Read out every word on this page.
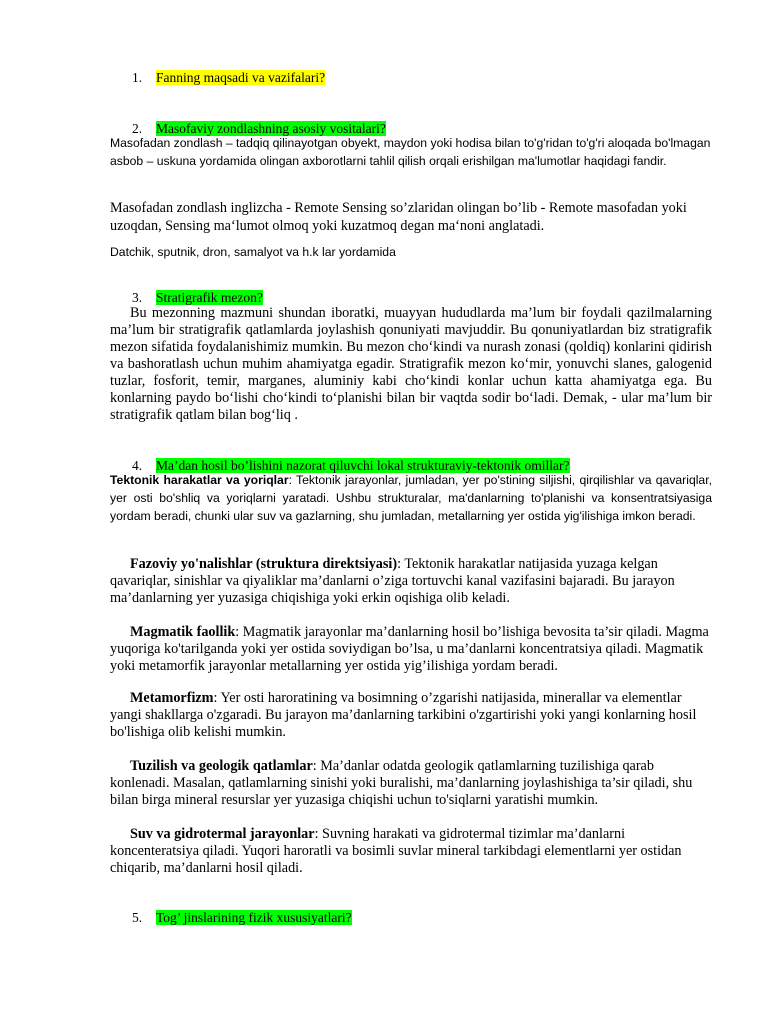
1. Fanning maqsadi va vazifalari?
2. Masofaviy zondlashning asosiy vositalari?
Masofadan zondlash – tadqiq qilinayotgan obyekt, maydon yoki hodisa bilan to'g'ridan to'g'ri aloqada bo'lmagan asbob – uskuna yordamida olingan axborotlarni tahlil qilish orqali erishilgan ma'lumotlar haqidagi fandir.
Masofadan zondlash inglizcha - Remote Sensing so’zlaridan olingan bo’lib - Remote masofadan yoki uzoqdan, Sensing ma‘lumot olmoq yoki kuzatmoq degan ma‘noni anglatadi.
Datchik, sputnik, dron, samalyot va h.k lar yordamida
3. Stratigrafik mezon?
Bu mezonning mazmuni shundan iboratki, muayyan hududlarda ma’lum bir foydali qazilmalarning ma’lum bir stratigrafik qatlamlarda joylashish qonuniyati mavjuddir. Bu qonuniyatlardan biz stratigrafik mezon sifatida foydalanishimiz mumkin. Bu mezon cho‘kindi va nurash zonasi (qoldiq) konlarini qidirish va bashoratlash uchun muhim ahamiyatga egadir. Stratigrafik mezon ko‘mir, yonuvchi slanes, galogenid tuzlar, fosforit, temir, marganes, aluminiy kabi cho‘kindi konlar uchun katta ahamiyatga ega. Bu konlarning paydo bo‘lishi cho‘kindi to‘planishi bilan bir vaqtda sodir bo‘ladi. Demak, - ular ma’lum bir stratigrafik qatlam bilan bog‘liq .
4. Ma’dan hosil bo’lishini nazorat qiluvchi lokal strukturaviy-tektonik omillar?
Tektonik harakatlar va yoriqlar: Tektonik jarayonlar, jumladan, yer po'stining siljishi, qirqilishlar va qavariqlar, yer osti bo'shliq va yoriqlarni yaratadi. Ushbu strukturalar, ma'danlarning to'planishi va konsentratsiyasiga yordam beradi, chunki ular suv va gazlarning, shu jumladan, metallarning yer ostida yig'ilishiga imkon beradi.
Fazoviy yo'nalishlar (struktura direktsiyasi): Tektonik harakatlar natijasida yuzaga kelgan qavariqlar, sinishlar va qiyaliklar ma’danlarni o’ziga tortuvchi kanal vazifasini bajaradi. Bu jarayon ma’danlarning yer yuzasiga chiqishiga yoki erkin oqishiga olib keladi.
Magmatik faollik: Magmatik jarayonlar ma’danlarning hosil bo’lishiga bevosita ta’sir qiladi. Magma yuqoriga ko'tarilganda yoki yer ostida soviydigan bo’lsa, u ma’danlarni koncentratsiya qiladi. Magmatik yoki metamorfik jarayonlar metallarning yer ostida yig’ilishiga yordam beradi.
Metamorfizm: Yer osti haroratining va bosimning o’zgarishi natijasida, minerallar va elementlar yangi shakllarga o'zgaradi. Bu jarayon ma’danlarning tarkibini o'zgartirishi yoki yangi konlarning hosil bo'lishiga olib kelishi mumkin.
Tuzilish va geologik qatlamlar: Ma’danlar odatda geologik qatlamlarning tuzilishiga qarab konlenadi. Masalan, qatlamlarning sinishi yoki buralishi, ma’danlarning joylashishiga ta’sir qiladi, shu bilan birga mineral resurslar yer yuzasiga chiqishi uchun to'siqlarni yaratishi mumkin.
Suv va gidrotermal jarayonlar: Suvning harakati va gidrotermal tizimlar ma’danlarni koncenteratsiya qiladi. Yuqori haroratli va bosimli suvlar mineral tarkibdagi elementlarni yer ostidan chiqarib, ma’danlarni hosil qiladi.
5. Tog’ jinslarining fizik xususiyatlari?
